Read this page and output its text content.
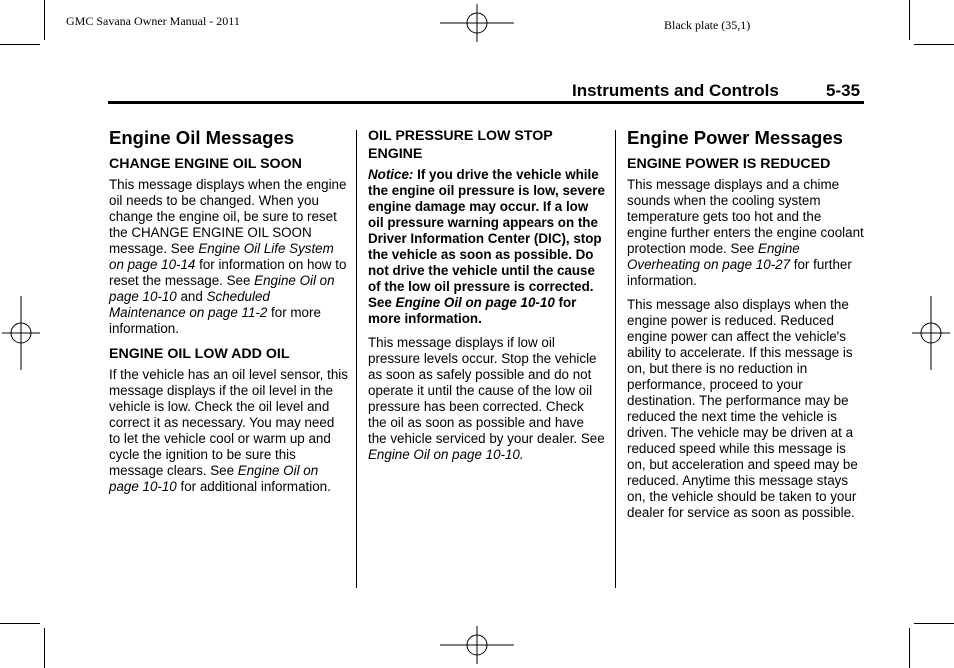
GMC Savana Owner Manual - 2011	Black plate (35,1)
Instruments and Controls	5-35
Engine Oil Messages
CHANGE ENGINE OIL SOON

This message displays when the engine oil needs to be changed. When you change the engine oil, be sure to reset the CHANGE ENGINE OIL SOON message. See Engine Oil Life System on page 10‑14 for information on how to reset the message. See Engine Oil on page 10‑10 and Scheduled Maintenance on page 11‑2 for more information.

ENGINE OIL LOW ADD OIL

If the vehicle has an oil level sensor, this message displays if the oil level in the vehicle is low. Check the oil level and correct it as necessary. You may need to let the vehicle cool or warm up and cycle the ignition to be sure this message clears. See Engine Oil on page 10‑10 for additional information.

OIL PRESSURE LOW STOP ENGINE

Notice: If you drive the vehicle while the engine oil pressure is low, severe engine damage may occur. If a low oil pressure warning appears on the Driver Information Center (DIC), stop the vehicle as soon as possible. Do not drive the vehicle until the cause of the low oil pressure is corrected. See Engine Oil on page 10‑10 for more information.

This message displays if low oil pressure levels occur. Stop the vehicle as soon as safely possible and do not operate it until the cause of the low oil pressure has been corrected. Check the oil as soon as possible and have the vehicle serviced by your dealer. See Engine Oil on page 10‑10.

Engine Power Messages
ENGINE POWER IS REDUCED

This message displays and a chime sounds when the cooling system temperature gets too hot and the engine further enters the engine coolant protection mode. See Engine Overheating on page 10‑27 for further information.

This message also displays when the engine power is reduced. Reduced engine power can affect the vehicle's ability to accelerate. If this message is on, but there is no reduction in performance, proceed to your destination. The performance may be reduced the next time the vehicle is driven. The vehicle may be driven at a reduced speed while this message is on, but acceleration and speed may be reduced. Anytime this message stays on, the vehicle should be taken to your dealer for service as soon as possible.
